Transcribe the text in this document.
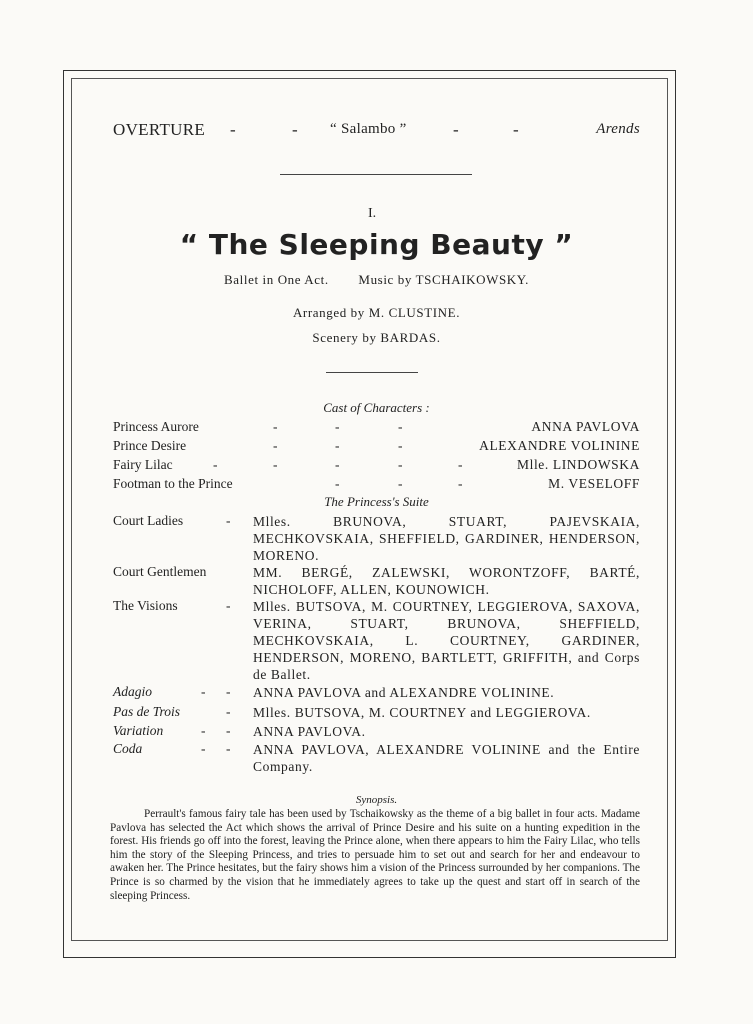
OVERTURE -	- “ Salambo ”	-	-	Arends
I.
“ The Sleeping Beauty ”
Ballet in One Act. Music by TSCHAIKOWSKY.
Arranged by M. CLUSTINE.
Scenery by BARDAS.
Cast of Characters :
Princess Aurore	-	-	-	ANNA PAVLOVA
Prince Desire	-	-	-	ALEXANDRE VOLININE
Fairy Lilac	-	-	-	-	-	Mlle. LINDOWSKA
Footman to the Prince	-	-	-	M. VESELOFF
The Princess's Suite
Court Ladies	- Mlles. BRUNOVA, STUART, PAJEVSKAIA, MECHKOVSKAIA, SHEFFIELD, GARDINER, HENDERSON, MORENO.
Court Gentlemen	MM. BERGÉ, ZALEWSKI, WORONTZOFF, BARTÉ, NICHOLOFF, ALLEN, KOUNOWICH.
The Visions	- Mlles. BUTSOVA, M. COURTNEY, LEGGIEROVA, SAXOVA, VERINA, STUART, BRUNOVA, SHEFFIELD, MECHKOVSKAIA, L. COURTNEY, GARDINER, HENDERSON, MORENO, BARTLETT, GRIFFITH, and Corps de Ballet.
Adagio	- - ANNA PAVLOVA and ALEXANDRE VOLININE.
Pas de Trois	- Mlles. BUTSOVA, M. COURTNEY and LEGGIEROVA.
Variation	- - ANNA PAVLOVA.
Coda	- - ANNA PAVLOVA, ALEXANDRE VOLININE and the Entire Company.
Synopsis.
Perrault's famous fairy tale has been used by Tschaikowsky as the theme of a big ballet in four acts. Madame Pavlova has selected the Act which shows the arrival of Prince Desire and his suite on a hunting expedition in the forest. His friends go off into the forest, leaving the Prince alone, when there appears to him the Fairy Lilac, who tells him the story of the Sleeping Princess, and tries to persuade him to set out and search for her and endeavour to awaken her. The Prince hesitates, but the fairy shows him a vision of the Princess surrounded by her companions. The Prince is so charmed by the vision that he immediately agrees to take up the quest and start off in search of the sleeping Princess.
